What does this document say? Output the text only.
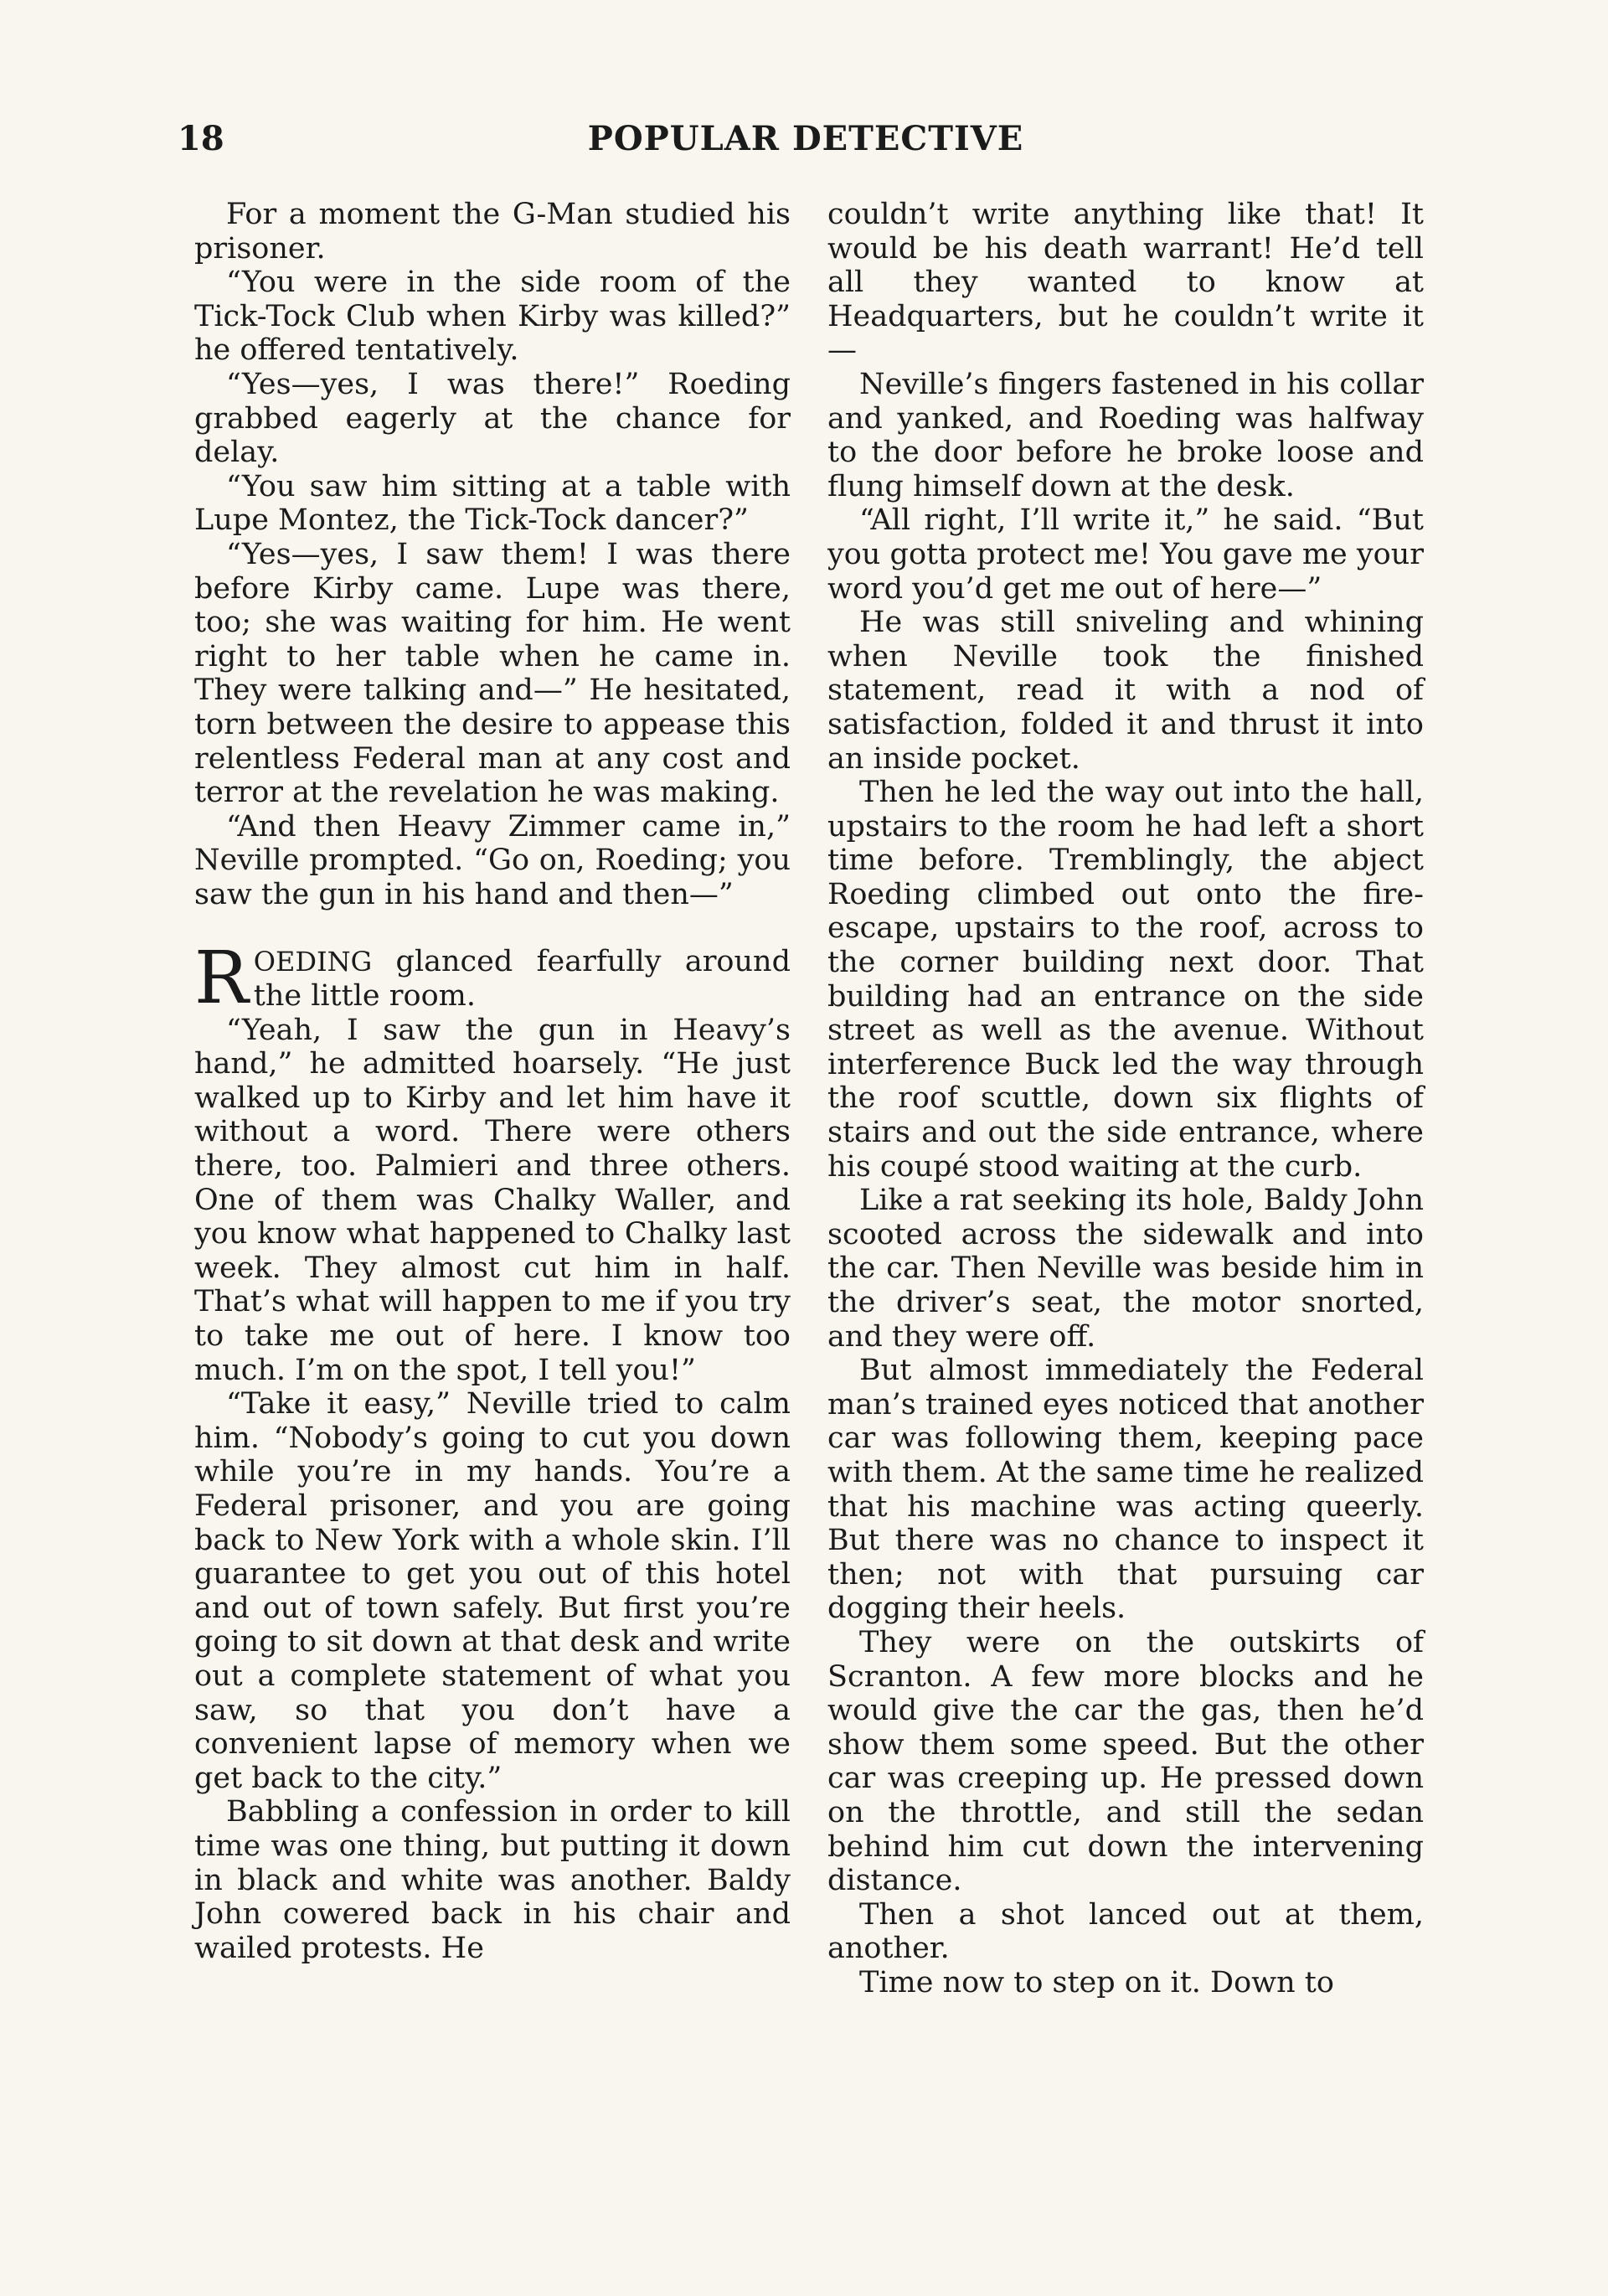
18	POPULAR DETECTIVE

For a moment the G-Man studied his prisoner.

“You were in the side room of the Tick-Tock Club when Kirby was killed?” he offered tentatively.

“Yes—yes, I was there!” Roeding grabbed eagerly at the chance for delay.

“You saw him sitting at a table with Lupe Montez, the Tick-Tock dancer?”

“Yes—yes, I saw them! I was there before Kirby came. Lupe was there, too; she was waiting for him. He went right to her table when he came in. They were talking and—” He hesitated, torn between the desire to appease this relentless Federal man at any cost and terror at the revelation he was making.

“And then Heavy Zimmer came in,” Neville prompted. “Go on, Roeding; you saw the gun in his hand and then—”

ROEDING glanced fearfully around the little room.

“Yeah, I saw the gun in Heavy’s hand,” he admitted hoarsely. “He just walked up to Kirby and let him have it without a word. There were others there, too. Palmieri and three others. One of them was Chalky Waller, and you know what happened to Chalky last week. They almost cut him in half. That’s what will happen to me if you try to take me out of here. I know too much. I’m on the spot, I tell you!”

“Take it easy,” Neville tried to calm him. “Nobody’s going to cut you down while you’re in my hands. You’re a Federal prisoner, and you are going back to New York with a whole skin. I’ll guarantee to get you out of this hotel and out of town safely. But first you’re going to sit down at that desk and write out a complete statement of what you saw, so that you don’t have a convenient lapse of memory when we get back to the city.”

Babbling a confession in order to kill time was one thing, but putting it down in black and white was another. Baldy John cowered back in his chair and wailed protests. He

couldn’t write anything like that! It would be his death warrant! He’d tell all they wanted to know at Headquarters, but he couldn’t write it—

Neville’s fingers fastened in his collar and yanked, and Roeding was halfway to the door before he broke loose and flung himself down at the desk.

“All right, I’ll write it,” he said. “But you gotta protect me! You gave me your word you’d get me out of here—”

He was still sniveling and whining when Neville took the finished statement, read it with a nod of satisfaction, folded it and thrust it into an inside pocket.

Then he led the way out into the hall, upstairs to the room he had left a short time before. Tremblingly, the abject Roeding climbed out onto the fire-escape, upstairs to the roof, across to the corner building next door. That building had an entrance on the side street as well as the avenue. Without interference Buck led the way through the roof scuttle, down six flights of stairs and out the side entrance, where his coupé stood waiting at the curb.

Like a rat seeking its hole, Baldy John scooted across the sidewalk and into the car. Then Neville was beside him in the driver’s seat, the motor snorted, and they were off.

But almost immediately the Federal man’s trained eyes noticed that another car was following them, keeping pace with them. At the same time he realized that his machine was acting queerly. But there was no chance to inspect it then; not with that pursuing car dogging their heels.

They were on the outskirts of Scranton. A few more blocks and he would give the car the gas, then he’d show them some speed. But the other car was creeping up. He pressed down on the throttle, and still the sedan behind him cut down the intervening distance.

Then a shot lanced out at them, another.

Time now to step on it. Down to
